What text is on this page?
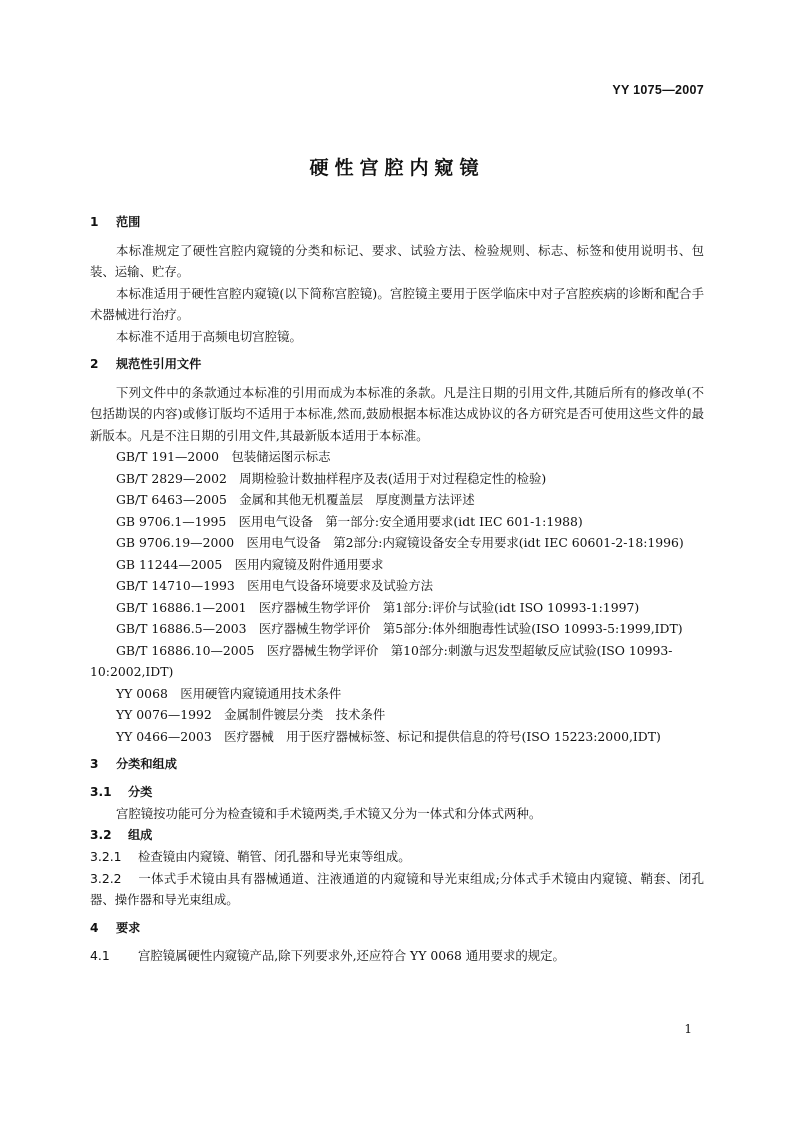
YY 1075—2007
硬性宫腔内窥镜
1 范围

本标准规定了硬性宫腔内窥镜的分类和标记、要求、试验方法、检验规则、标志、标签和使用说明书、包装、运输、贮存。

本标准适用于硬性宫腔内窥镜(以下简称宫腔镜)。宫腔镜主要用于医学临床中对子宫腔疾病的诊断和配合手术器械进行治疗。

本标准不适用于高频电切宫腔镜。

2 规范性引用文件

下列文件中的条款通过本标准的引用而成为本标准的条款。凡是注日期的引用文件,其随后所有的修改单(不包括勘误的内容)或修订版均不适用于本标准,然而,鼓励根据本标准达成协议的各方研究是否可使用这些文件的最新版本。凡是不注日期的引用文件,其最新版本适用于本标准。

GB/T 191—2000　包装储运图示标志

GB/T 2829—2002　周期检验计数抽样程序及表(适用于对过程稳定性的检验)

GB/T 6463—2005　金属和其他无机覆盖层　厚度测量方法评述

GB 9706.1—1995　医用电气设备　第一部分:安全通用要求(idt IEC 601-1:1988)

GB 9706.19—2000　医用电气设备　第2部分:内窥镜设备安全专用要求(idt IEC 60601-2-18:1996)

GB 11244—2005　医用内窥镜及附件通用要求

GB/T 14710—1993　医用电气设备环境要求及试验方法

GB/T 16886.1—2001　医疗器械生物学评价　第1部分:评价与试验(idt ISO 10993-1:1997)

GB/T 16886.5—2003　医疗器械生物学评价　第5部分:体外细胞毒性试验(ISO 10993-5:1999,IDT)

GB/T 16886.10—2005　医疗器械生物学评价　第10部分:刺激与迟发型超敏反应试验(ISO 10993-10:2002,IDT)

YY 0068　医用硬管内窥镜通用技术条件

YY 0076—1992　金属制件镀层分类　技术条件

YY 0466—2003　医疗器械　用于医疗器械标签、标记和提供信息的符号(ISO 15223:2000,IDT)

3 分类和组成
3.1 分类

宫腔镜按功能可分为检查镜和手术镜两类,手术镜又分为一体式和分体式两种。

3.2 组成

3.2.1 检查镜由内窥镜、鞘管、闭孔器和导光束等组成。

3.2.2 一体式手术镜由具有器械通道、注液通道的内窥镜和导光束组成;分体式手术镜由内窥镜、鞘套、闭孔器、操作器和导光束组成。

4 要求

4.1 宫腔镜属硬性内窥镜产品,除下列要求外,还应符合 YY 0068 通用要求的规定。

1
